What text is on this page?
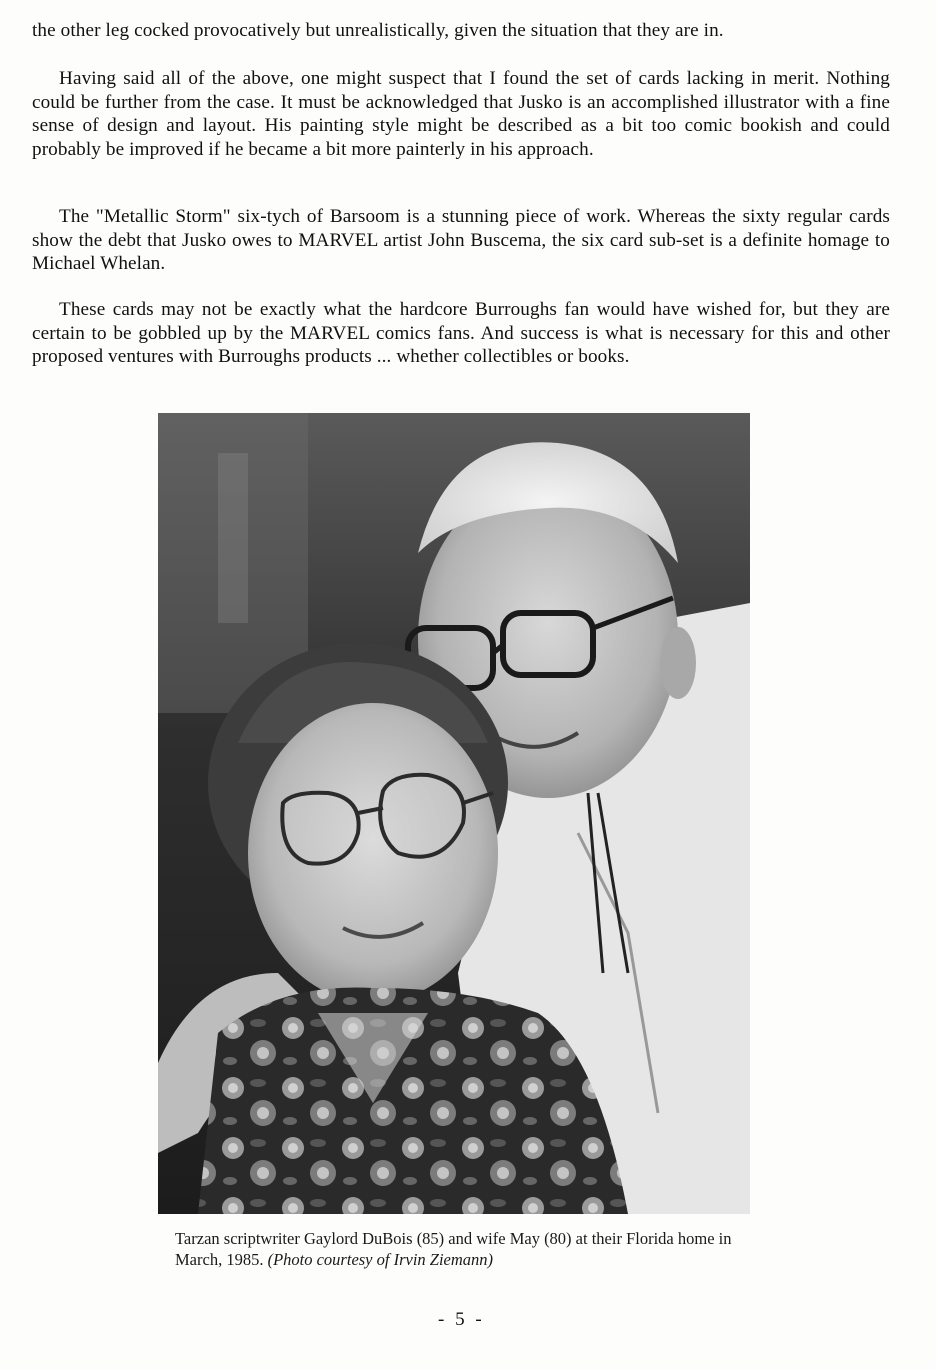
the other leg cocked provocatively but unrealistically, given the situation that they are in.

Having said all of the above, one might suspect that I found the set of cards lacking in merit. Nothing could be further from the case. It must be acknowledged that Jusko is an accomplished illustrator with a fine sense of design and layout. His painting style might be described as a bit too comic bookish and could probably be improved if he became a bit more painterly in his approach.

The "Metallic Storm" six-tych of Barsoom is a stunning piece of work. Whereas the sixty regular cards show the debt that Jusko owes to MARVEL artist John Buscema, the six card sub-set is a definite homage to Michael Whelan.

These cards may not be exactly what the hardcore Burroughs fan would have wished for, but they are certain to be gobbled up by the MARVEL comics fans. And success is what is necessary for this and other proposed ventures with Burroughs products ... whether collectibles or books.

Tarzan scriptwriter Gaylord DuBois (85) and wife May (80) at their Florida home in March, 1985. (Photo courtesy of Irvin Ziemann)
- 5 -
